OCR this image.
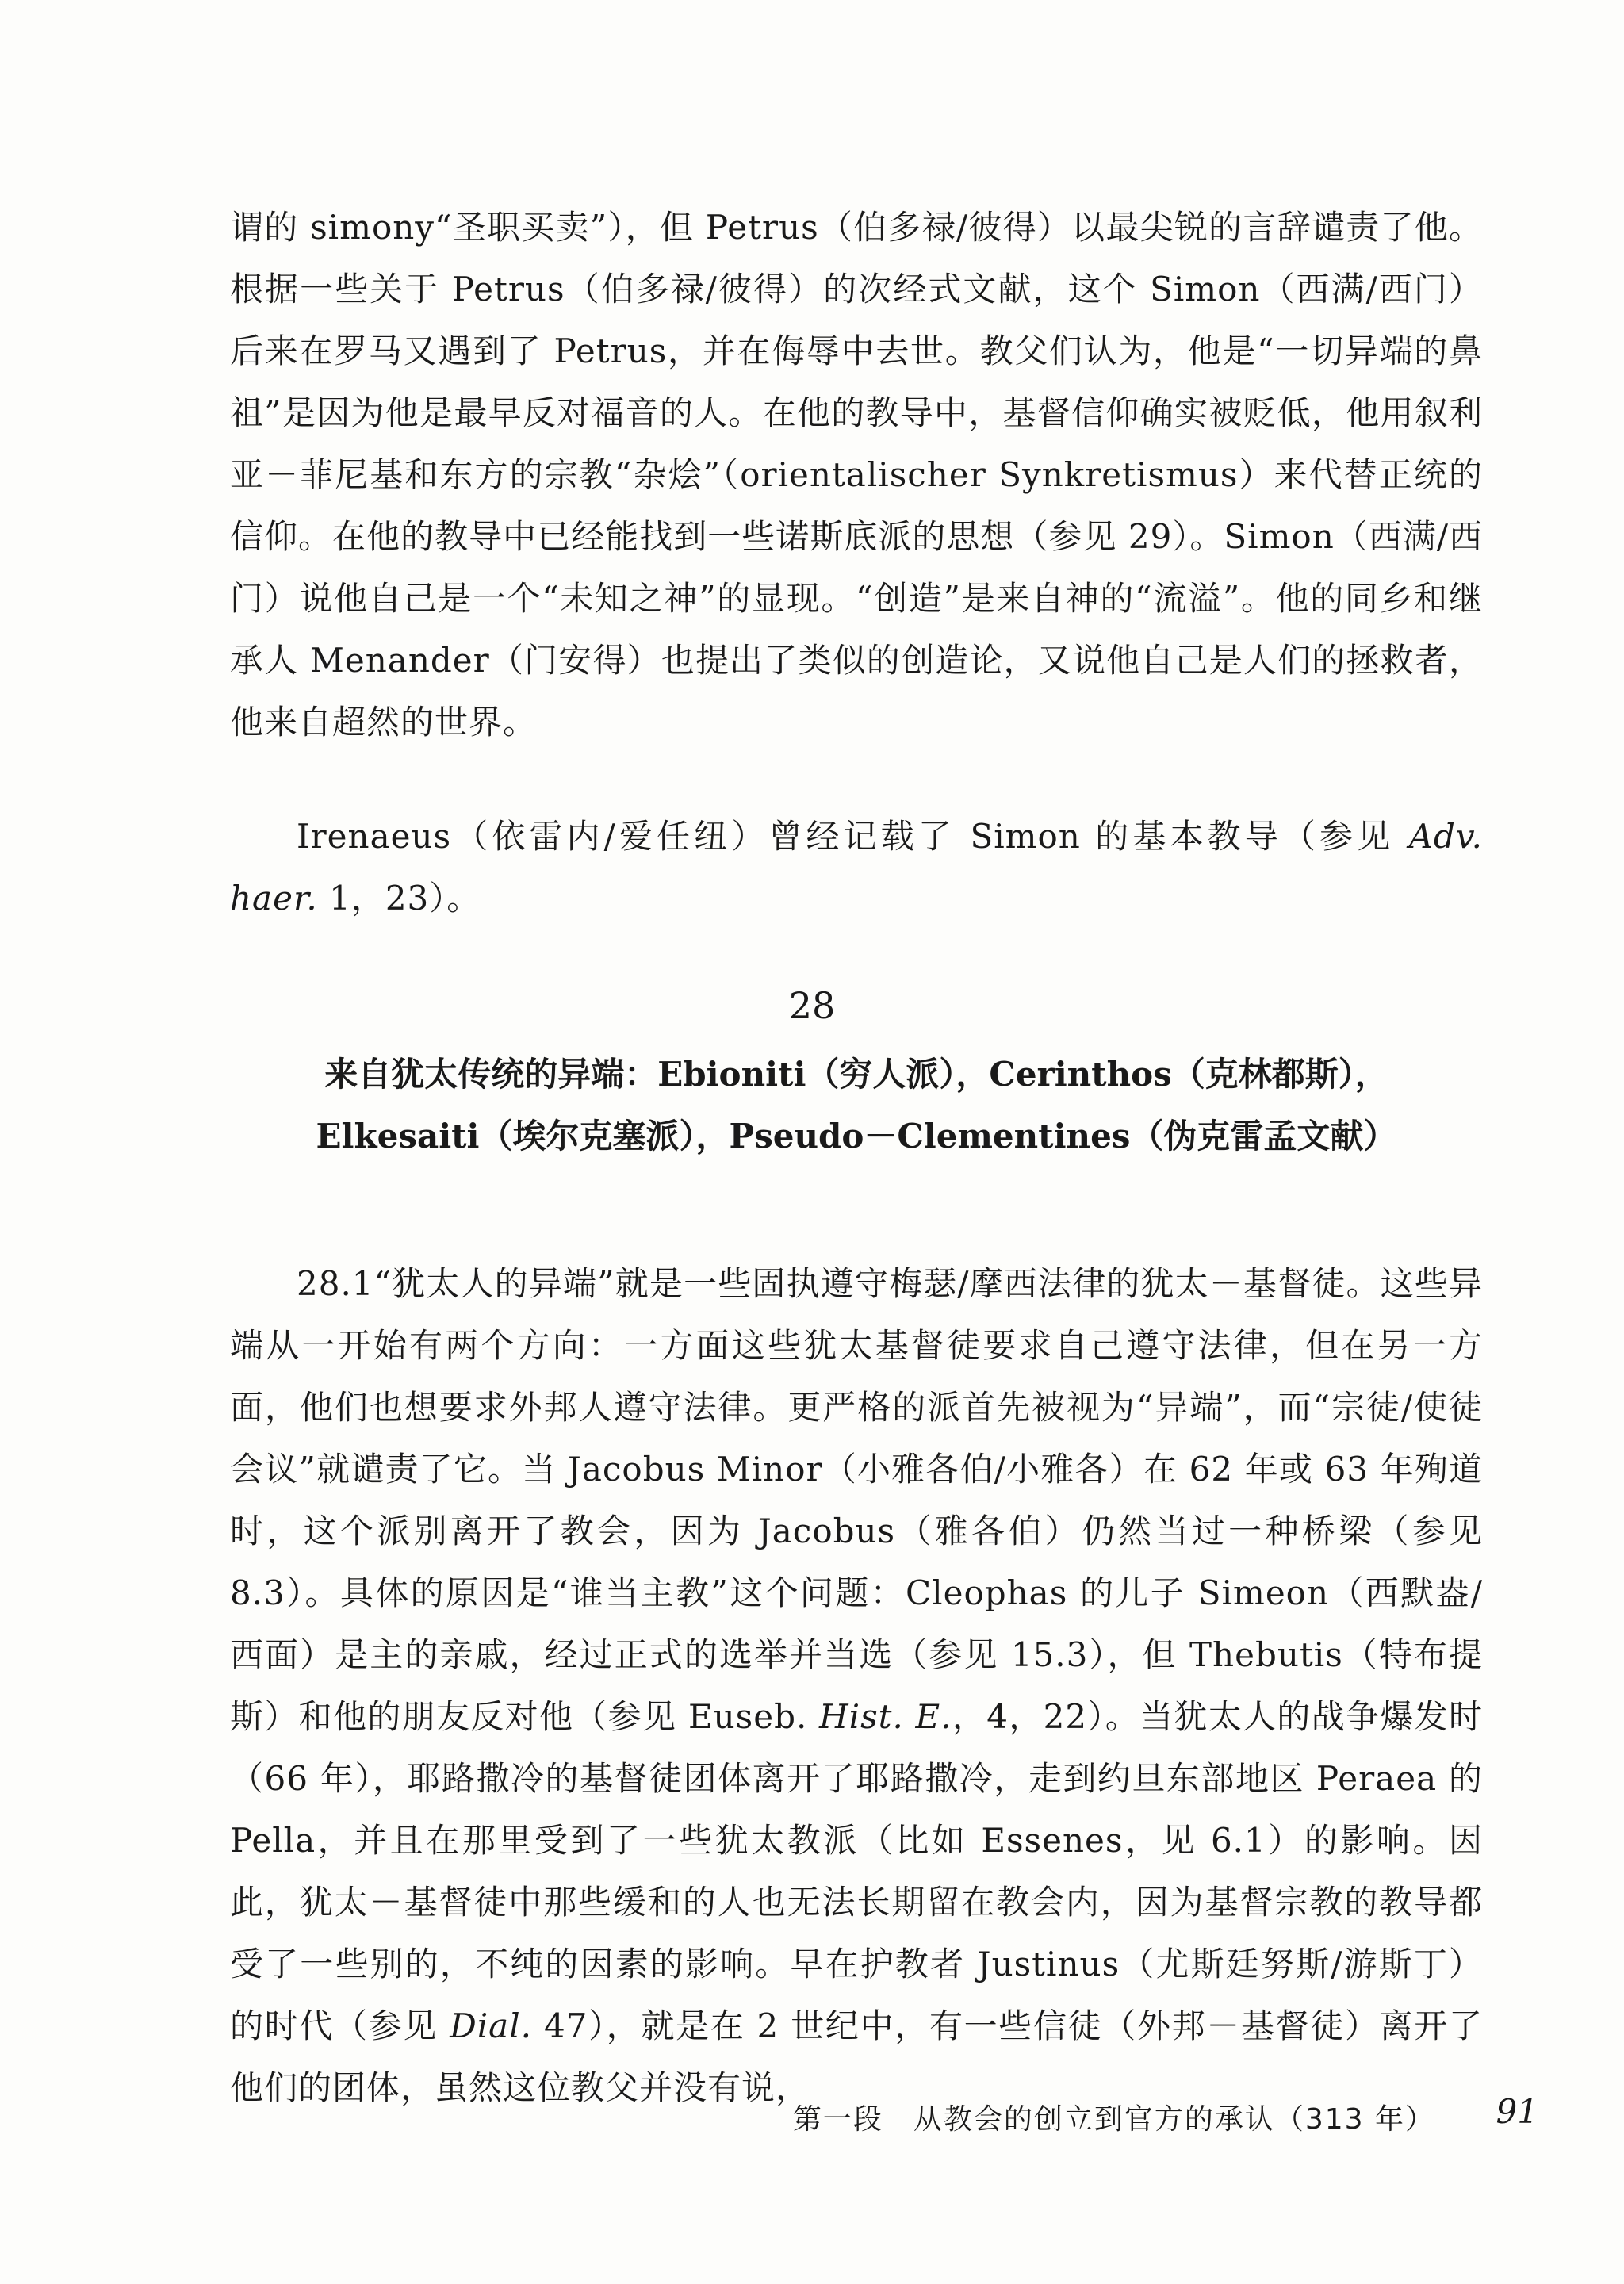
谓的 simony“圣职买卖”），但 Petrus（伯多禄/彼得）以最尖锐的言辞谴责了他。根据一些关于 Petrus（伯多禄/彼得）的次经式文献，这个 Simon（西满/西门）后来在罗马又遇到了 Petrus，并在侮辱中去世。教父们认为，他是“一切异端的鼻祖”是因为他是最早反对福音的人。在他的教导中，基督信仰确实被贬低，他用叙利亚－菲尼基和东方的宗教“杂烩”（orientalischer Synkretismus）来代替正统的信仰。在他的教导中已经能找到一些诺斯底派的思想（参见 29）。Simon（西满/西门）说他自己是一个“未知之神”的显现。“创造”是来自神的“流溢”。他的同乡和继承人 Menander（门安得）也提出了类似的创造论，又说他自己是人们的拯救者，他来自超然的世界。

Irenaeus（依雷内/爱任纽）曾经记载了 Simon 的基本教导（参见 Adv. haer. 1，23）。

28
来自犹太传统的异端：Ebioniti（穷人派），Cerinthos（克林都斯），
Elkesaiti（埃尔克塞派），Pseudo－Clementines（伪克雷孟文献）

28.1“犹太人的异端”就是一些固执遵守梅瑟/摩西法律的犹太－基督徒。这些异端从一开始有两个方向：一方面这些犹太基督徒要求自己遵守法律，但在另一方面，他们也想要求外邦人遵守法律。更严格的派首先被视为“异端”，而“宗徒/使徒会议”就谴责了它。当 Jacobus Minor（小雅各伯/小雅各）在 62 年或 63 年殉道时，这个派别离开了教会，因为 Jacobus（雅各伯）仍然当过一种桥梁（参见 8.3）。具体的原因是“谁当主教”这个问题：Cleophas 的儿子 Simeon（西默盎/西面）是主的亲戚，经过正式的选举并当选（参见 15.3），但 Thebutis（特布提斯）和他的朋友反对他（参见 Euseb. Hist. E.，4，22）。当犹太人的战争爆发时（66 年），耶路撒冷的基督徒团体离开了耶路撒冷，走到约旦东部地区 Peraea 的 Pella，并且在那里受到了一些犹太教派（比如 Essenes，见 6.1）的影响。因此，犹太－基督徒中那些缓和的人也无法长期留在教会内，因为基督宗教的教导都受了一些别的，不纯的因素的影响。早在护教者 Justinus（尤斯廷努斯/游斯丁）的时代（参见 Dial. 47），就是在 2 世纪中，有一些信徒（外邦－基督徒）离开了他们的团体，虽然这位教父并没有说，

第一段　从教会的创立到官方的承认（313 年） 91
